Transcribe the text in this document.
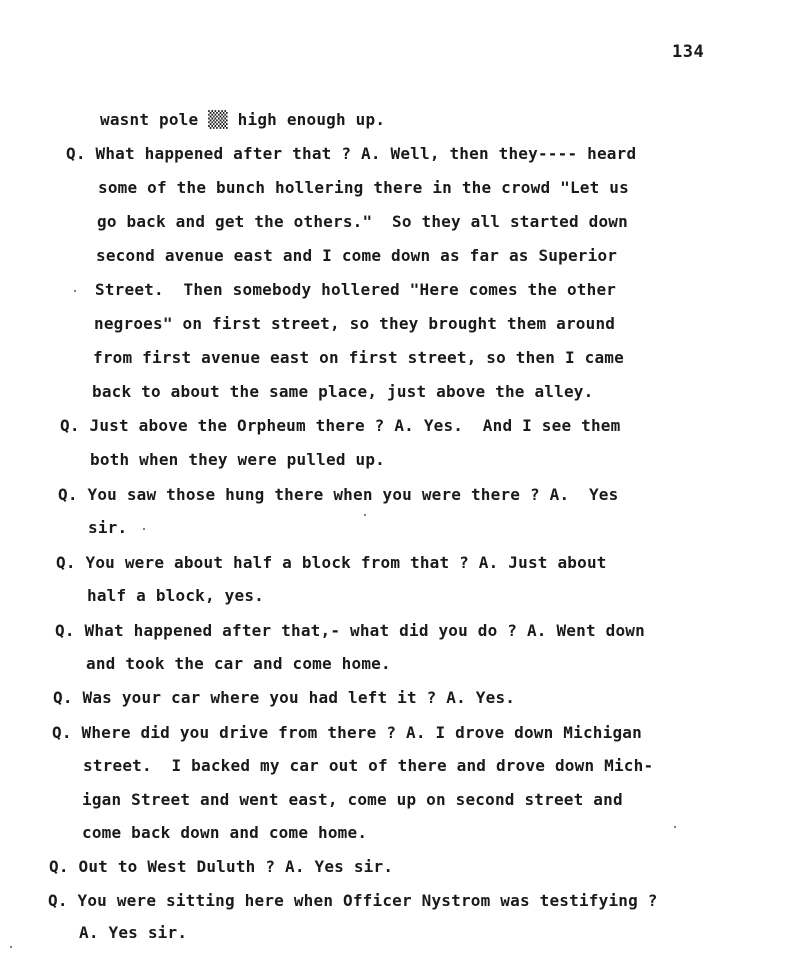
134
wasnt pole ▒▒ high enough up.
Q. What happened after that ? A. Well, then they---- heard
some of the bunch hollering there in the crowd "Let us
go back and get the others."  So they all started down
second avenue east and I come down as far as Superior
Street.  Then somebody hollered "Here comes the other
negroes" on first street, so they brought them around
from first avenue east on first street, so then I came
back to about the same place, just above the alley.
Q. Just above the Orpheum there ? A. Yes.  And I see them
both when they were pulled up.
Q. You saw those hung there when you were there ? A.  Yes
sir.
Q. You were about half a block from that ? A. Just about
half a block, yes.
Q. What happened after that,- what did you do ? A. Went down
and took the car and come home.
Q. Was your car where you had left it ? A. Yes.
Q. Where did you drive from there ? A. I drove down Michigan
street.  I backed my car out of there and drove down Mich-
igan Street and went east, come up on second street and
come back down and come home.
Q. Out to West Duluth ? A. Yes sir.
Q. You were sitting here when Officer Nystrom was testifying ?
A. Yes sir.
